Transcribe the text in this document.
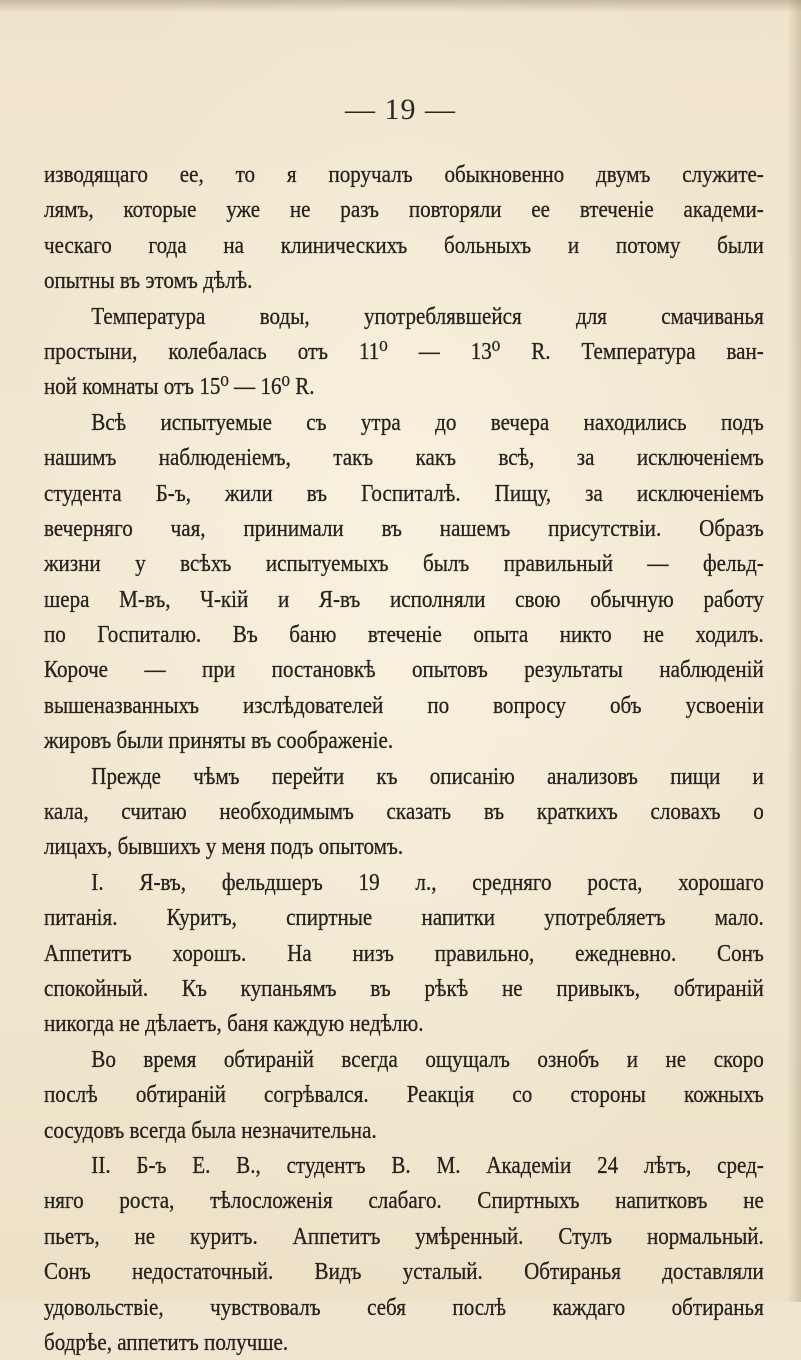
— 19 —
изводящаго ее, то я поручалъ обыкновенно двумъ служите-
лямъ, которые уже не разъ повторяли ее втеченіе академи-
ческаго года на клиническихъ больныхъ и потому были
опытны въ этомъ дѣлѣ.
Температура воды, употреблявшейся для смачиванья
простыни, колебалась отъ 11⁰ — 13⁰ R. Температура ван-
ной комнаты отъ 15⁰ — 16⁰ R.
Всѣ испытуемые съ утра до вечера находились подъ
нашимъ наблюденіемъ, такъ какъ всѣ, за исключеніемъ
студента Б-ъ, жили въ Госпиталѣ. Пищу, за исключеніемъ
вечерняго чая, принимали въ нашемъ присутствіи. Образъ
жизни у всѣхъ испытуемыхъ былъ правильный — фельд-
шера М-въ, Ч-кій и Я-въ исполняли свою обычную работу
по Госпиталю. Въ баню втеченіе опыта никто не ходилъ.
Короче — при постановкѣ опытовъ результаты наблюденій
вышеназванныхъ изслѣдователей по вопросу объ усвоеніи
жировъ были приняты въ соображеніе.
Прежде чѣмъ перейти къ описанію анализовъ пищи и
кала, считаю необходимымъ сказать въ краткихъ словахъ о
лицахъ, бывшихъ у меня подъ опытомъ.
I. Я-въ, фельдшеръ 19 л., средняго роста, хорошаго
питанія. Куритъ, спиртные напитки употребляетъ мало.
Аппетитъ хорошъ. На низъ правильно, ежедневно. Сонъ
спокойный. Къ купаньямъ въ рѣкѣ не привыкъ, обтираній
никогда не дѣлаетъ, баня каждую недѣлю.
Во время обтираній всегда ощущалъ ознобъ и не скоро
послѣ обтираній согрѣвался. Реакція со стороны кожныхъ
сосудовъ всегда была незначительна.
II. Б-ъ Е. В., студентъ В. М. Академіи 24 лѣтъ, сред-
няго роста, тѣлосложенія слабаго. Спиртныхъ напитковъ не
пьетъ, не куритъ. Аппетитъ умѣренный. Стулъ нормальный.
Сонъ недостаточный. Видъ усталый. Обтиранья доставляли
удовольствіе, чувствовалъ себя послѣ каждаго обтиранья
бодрѣе, аппетитъ получше.
